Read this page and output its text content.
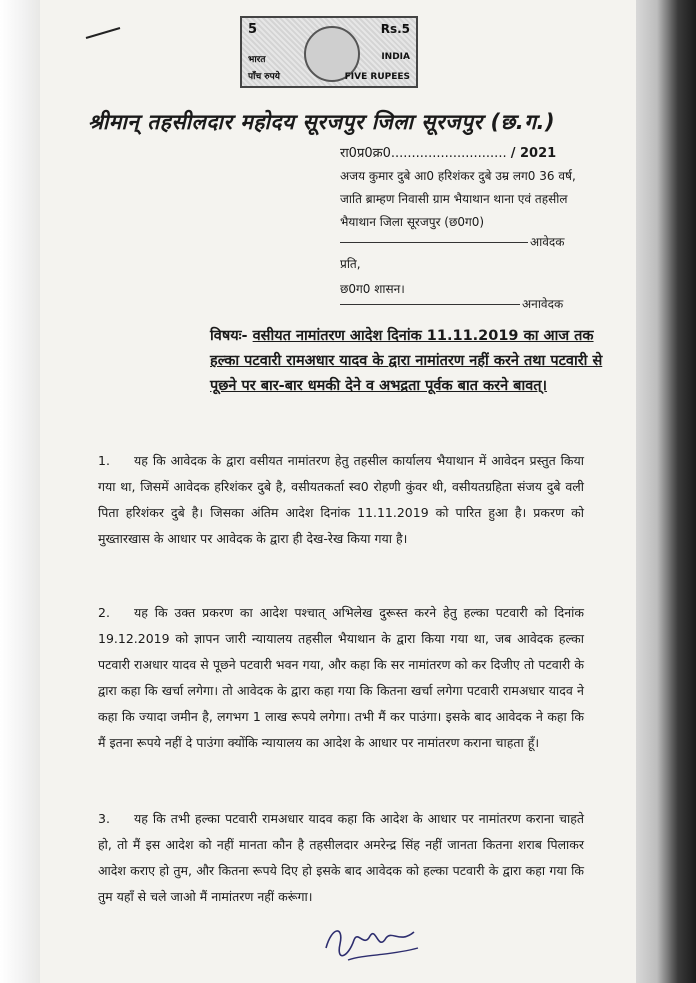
5	Rs.5
भारत	INDIA
पाँच रुपये	FIVE RUPEES
श्रीमान् तहसीलदार महोदय सूरजपुर जिला सूरजपुर (छ.ग.)
रा0प्र0क्र0............................ / 2021
अजय कुमार दुबे आ0 हरिशंकर दुबे उम्र लग0 36 वर्ष, जाति ब्राम्हण निवासी ग्राम भैयाथान थाना एवं तहसील भैयाथान जिला सूरजपुर (छ0ग0)
आवेदक
प्रति,
छ0ग0 शासन।
अनावेदक
विषयः- वसीयत नामांतरण आदेश दिनांक 11.11.2019 का आज तक हल्का पटवारी रामअधार यादव के द्वारा नामांतरण नहीं करने तथा पटवारी से पूछने पर बार-बार धमकी देने व अभद्रता पूर्वक बात करने बावत्।
1. यह कि आवेदक के द्वारा वसीयत नामांतरण हेतु तहसील कार्यालय भैयाथान में आवेदन प्रस्तुत किया गया था, जिसमें आवेदक हरिशंकर दुबे है, वसीयतकर्ता स्व0 रोहणी कुंवर थी, वसीयतग्रहिता संजय दुबे वली पिता हरिशंकर दुबे है। जिसका अंतिम आदेश दिनांक 11.11.2019 को पारित हुआ है। प्रकरण को मुख्तारखास के आधार पर आवेदक के द्वारा ही देख-रेख किया गया है।
2. यह कि उक्त प्रकरण का आदेश पश्चात् अभिलेख दुरूस्त करने हेतु हल्का पटवारी को दिनांक 19.12.2019 को ज्ञापन जारी न्यायालय तहसील भैयाथान के द्वारा किया गया था, जब आवेदक हल्का पटवारी राअधार यादव से पूछने पटवारी भवन गया, और कहा कि सर नामांतरण को कर दिजीए तो पटवारी के द्वारा कहा कि खर्चा लगेगा। तो आवेदक के द्वारा कहा गया कि कितना खर्चा लगेगा पटवारी रामअधार यादव ने कहा कि ज्यादा जमीन है, लगभग 1 लाख रूपये लगेगा। तभी मैं कर पाउंगा। इसके बाद आवेदक ने कहा कि मैं इतना रूपये नहीं दे पाउंगा क्योंकि न्यायालय का आदेश के आधार पर नामांतरण कराना चाहता हूँ।
3. यह कि तभी हल्का पटवारी रामअधार यादव कहा कि आदेश के आधार पर नामांतरण कराना चाहते हो, तो मैं इस आदेश को नहीं मानता कौन है तहसीलदार अमरेन्द्र सिंह नहीं जानता कितना शराब पिलाकर आदेश कराए हो तुम, और कितना रूपये दिए हो इसके बाद आवेदक को हल्का पटवारी के द्वारा कहा गया कि तुम यहाँ से चले जाओ मैं नामांतरण नहीं करूंगा।
